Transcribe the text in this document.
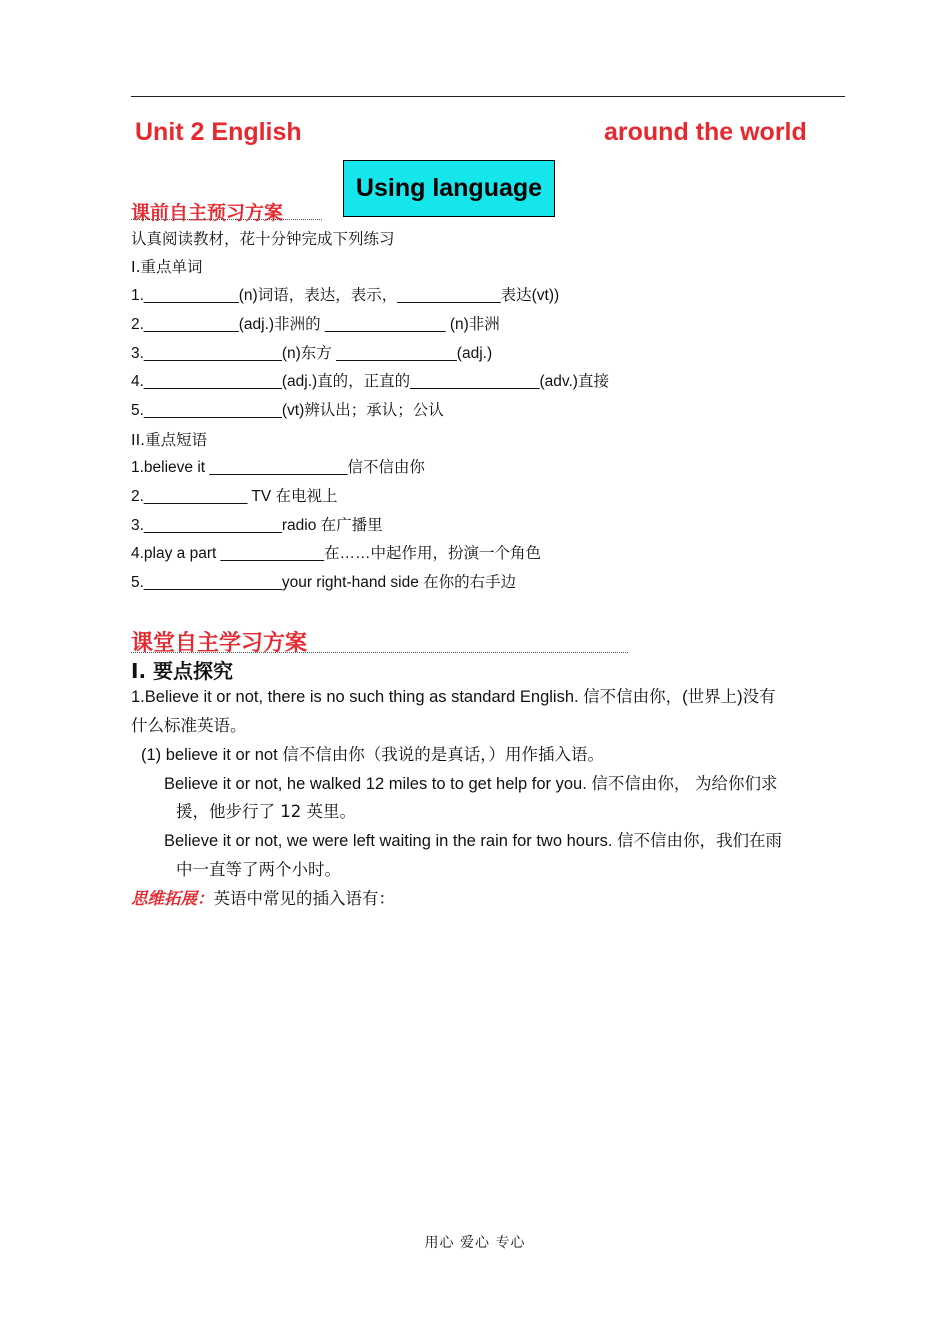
Unit 2 English	around the world
Using language
课前自主预习方案
认真阅读教材，花十分钟完成下列练习
I.重点单词
1.___________(n)词语，表达，表示，____________表达(vt))
2.___________(adj.)非洲的 ______________ (n)非洲
3.________________(n)东方 ______________(adj.)
4.________________(adj.)直的，正直的_______________(adv.)直接
5.________________(vt)辨认出；承认；公认
II.重点短语
1.believe it ________________信不信由你
2.____________ TV 在电视上
3.________________radio 在广播里
4.play a part ____________在……中起作用，扮演一个角色
5.________________your right-hand side 在你的右手边
课堂自主学习方案
I. 要点探究
1.Believe it or not, there is no such thing as standard English. 信不信由你，(世界上)没有
什么标准英语。
(1) believe it or not 信不信由你（我说的是真话，）用作插入语。
Believe it or not, he walked 12 miles to to get help for you. 信不信由你， 为给你们求
援，他步行了 12 英里。
Believe it or not, we were left waiting in the rain for two hours. 信不信由你，我们在雨
中一直等了两个小时。
思维拓展：英语中常见的插入语有：
用心 爱心 专心
